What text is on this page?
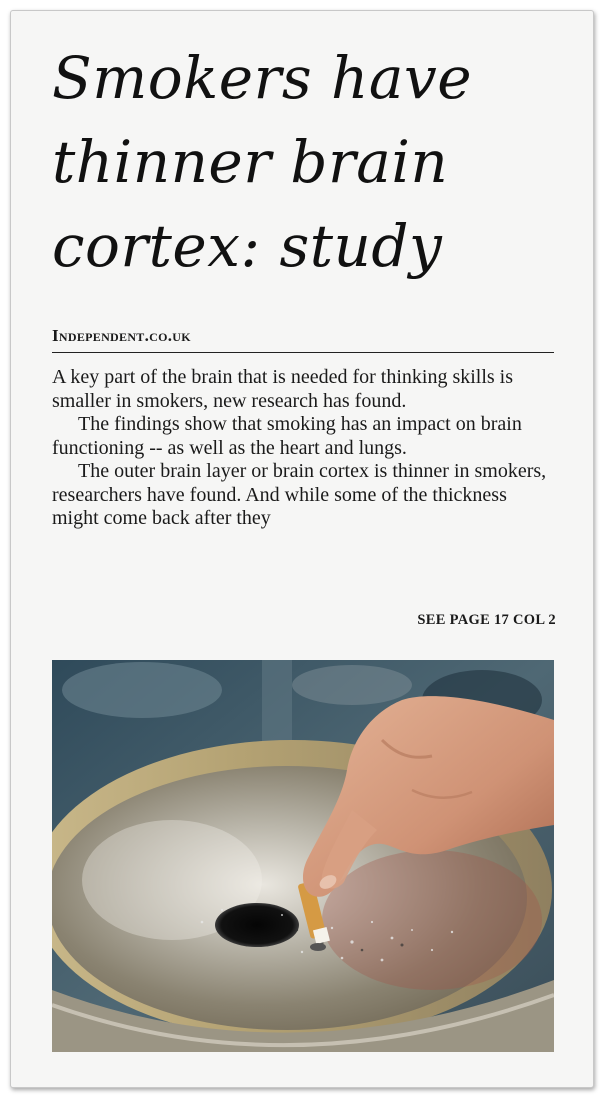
Smokers have
thinner brain
cortex: study
Independent.co.uk

A key part of the brain that is needed for thinking skills is smaller in smokers, new research has found.

The findings show that smoking has an impact on brain functioning -- as well as the heart and lungs.

The outer brain layer or brain cortex is thinner in smokers, researchers have found. And while some of the thickness might come back after they

SEE PAGE 17 COL 2
